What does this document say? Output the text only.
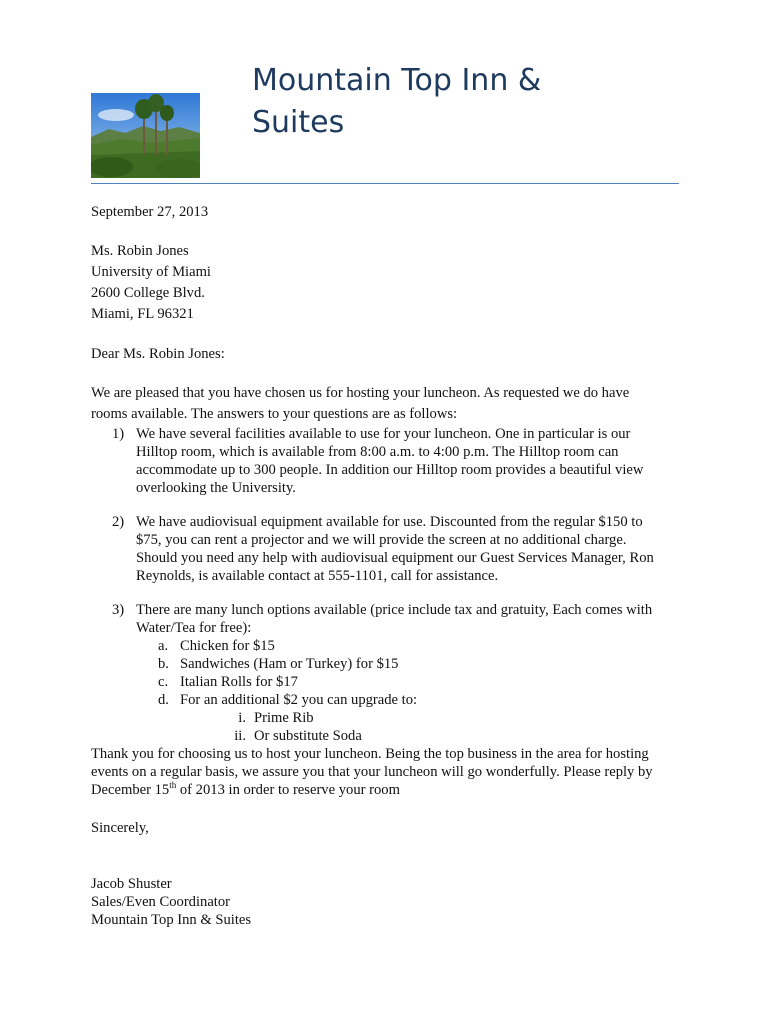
Mountain Top Inn &
Suites
September 27, 2013
Ms. Robin Jones
University of Miami
2600 College Blvd.
Miami, FL 96321
Dear Ms. Robin Jones:
We are pleased that you have chosen us for hosting your luncheon. As requested we do have
rooms available. The answers to your questions are as follows:
1) We have several facilities available to use for your luncheon. One in particular is our
Hilltop room, which is available from 8:00 a.m. to 4:00 p.m. The Hilltop room can
accommodate up to 300 people. In addition our Hilltop room provides a beautiful view
overlooking the University.
2) We have audiovisual equipment available for use. Discounted from the regular $150 to
$75, you can rent a projector and we will provide the screen at no additional charge.
Should you need any help with audiovisual equipment our Guest Services Manager, Ron
Reynolds, is available contact at 555-1101, call for assistance.
3) There are many lunch options available (price include tax and gratuity, Each comes with
Water/Tea for free):
a. Chicken for $15
b. Sandwiches (Ham or Turkey) for $15
c. Italian Rolls for $17
d. For an additional $2 you can upgrade to:
i. Prime Rib
ii. Or substitute Soda
Thank you for choosing us to host your luncheon. Being the top business in the area for hosting
events on a regular basis, we assure you that your luncheon will go wonderfully. Please reply by
December 15th of 2013 in order to reserve your room
Sincerely,
Jacob Shuster
Sales/Even Coordinator
Mountain Top Inn & Suites
